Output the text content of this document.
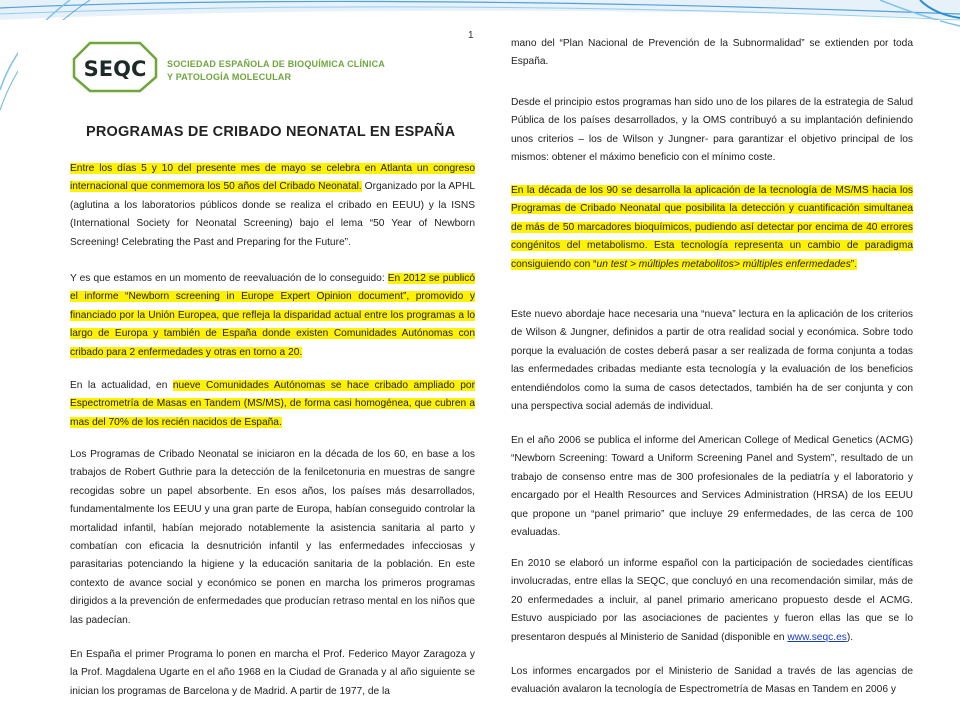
SEQC SOCIEDAD ESPAÑOLA DE BIOQUÍMICA CLÍNICA
Y PATOLOGÍA MOLECULAR
1
PROGRAMAS DE CRIBADO NEONATAL EN ESPAÑA

Entre los días 5 y 10 del presente mes de mayo se celebra en Atlanta un congreso internacional que conmemora los 50 años del Cribado Neonatal. Organizado por la APHL (aglutina a los laboratorios públicos donde se realiza el cribado en EEUU) y la ISNS (International Society for Neonatal Screening) bajo el lema “50 Year of Newborn Screening! Celebrating the Past and Preparing for the Future”.

Y es que estamos en un momento de reevaluación de lo conseguido: En 2012 se publicó el informe “Newborn screening in Europe Expert Opinion document”, promovido y financiado por la Unión Europea, que refleja la disparidad actual entre los programas a lo largo de Europa y también de España donde existen Comunidades Autónomas con cribado para 2 enfermedades y otras en torno a 20.

En la actualidad, en nueve Comunidades Autónomas se hace cribado ampliado por Espectrometría de Masas en Tandem (MS/MS), de forma casi homogénea, que cubren a mas del 70% de los recién nacidos de España.

Los Programas de Cribado Neonatal se iniciaron en la década de los 60, en base a los trabajos de Robert Guthrie para la detección de la fenilcetonuria en muestras de sangre recogidas sobre un papel absorbente. En esos años, los países más desarrollados, fundamentalmente los EEUU y una gran parte de Europa, habían conseguido controlar la mortalidad infantil, habían mejorado notablemente la asistencia sanitaria al parto y combatían con eficacia la desnutrición infantil y las enfermedades infecciosas y parasitarias potenciando la higiene y la educación sanitaria de la población. En este contexto de avance social y económico se ponen en marcha los primeros programas dirigidos a la prevención de enfermedades que producían retraso mental en los niños que las padecían.

En España el primer Programa lo ponen en marcha el Prof. Federico Mayor Zaragoza y la Prof. Magdalena Ugarte en el año 1968 en la Ciudad de Granada y al año siguiente se inician los programas de Barcelona y de Madrid. A partir de 1977, de la

mano del “Plan Nacional de Prevención de la Subnormalidad” se extienden por toda España.

Desde el principio estos programas han sido uno de los pilares de la estrategia de Salud Pública de los países desarrollados, y la OMS contribuyó a su implantación definiendo unos criterios – los de Wilson y Jungner- para garantizar el objetivo principal de los mismos: obtener el máximo beneficio con el mínimo coste.

En la década de los 90 se desarrolla la aplicación de la tecnología de MS/MS hacia los Programas de Cribado Neonatal que posibilita la detección y cuantificación simultanea de más de 50 marcadores bioquímicos, pudiendo así detectar por encima de 40 errores congénitos del metabolismo. Esta tecnología representa un cambio de paradigma consiguiendo con “un test > múltiples metabolitos> múltiples enfermedades”.

Este nuevo abordaje hace necesaria una “nueva” lectura en la aplicación de los criterios de Wilson & Jungner, definidos a partir de otra realidad social y económica. Sobre todo porque la evaluación de costes deberá pasar a ser realizada de forma conjunta a todas las enfermedades cribadas mediante esta tecnología y la evaluación de los beneficios entendiéndolos como la suma de casos detectados, también ha de ser conjunta y con una perspectiva social además de individual.

En el año 2006 se publica el informe del American College of Medical Genetics (ACMG) “Newborn Screening: Toward a Uniform Screening Panel and System”, resultado de un trabajo de consenso entre mas de 300 profesionales de la pediatría y el laboratorio y encargado por el Health Resources and Services Administration (HRSA) de los EEUU que propone un “panel primario” que incluye 29 enfermedades, de las cerca de 100 evaluadas.

En 2010 se elaboró un informe español con la participación de sociedades científicas involucradas, entre ellas la SEQC, que concluyó en una recomendación similar, más de 20 enfermedades a incluir, al panel primario americano propuesto desde el ACMG. Estuvo auspiciado por las asociaciones de pacientes y fueron ellas las que se lo presentaron después al Ministerio de Sanidad (disponible en www.seqc.es).

Los informes encargados por el Ministerio de Sanidad a través de las agencias de evaluación avalaron la tecnología de Espectrometría de Masas en Tandem en 2006 y
